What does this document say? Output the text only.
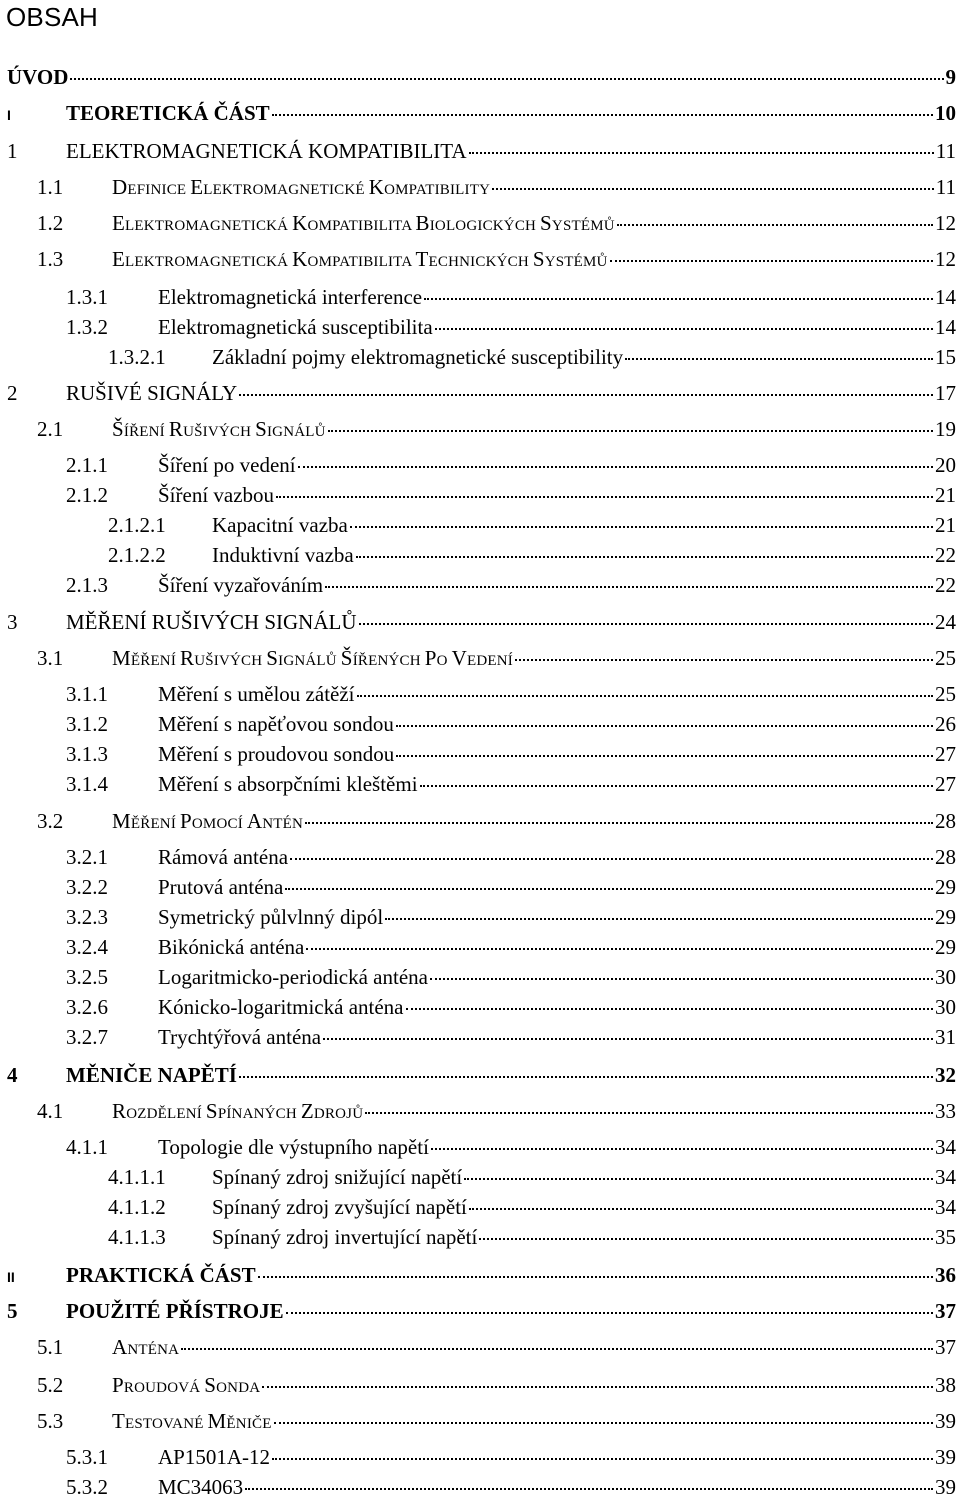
OBSAH
ÚVOD	9
I	TEORETICKÁ ČÁST	10
1 ELEKTROMAGNETICKÁ KOMPATIBILITA	11
1.1 DEFINICE ELEKTROMAGNETICKÉ KOMPATIBILITY	11
1.2 ELEKTROMAGNETICKÁ KOMPATIBILITA BIOLOGICKÝCH SYSTÉMŮ	12
1.3 ELEKTROMAGNETICKÁ KOMPATIBILITA TECHNICKÝCH SYSTÉMŮ	12
1.3.1 Elektromagnetická interference	14
1.3.2 Elektromagnetická susceptibilita	14
1.3.2.1 Základní pojmy elektromagnetické susceptibility	15
2 RUŠIVÉ SIGNÁLY	17
2.1 ŠÍŘENÍ RUŠIVÝCH SIGNÁLŮ	19
2.1.1 Šíření po vedení	20
2.1.2 Šíření vazbou	21
2.1.2.1 Kapacitní vazba	21
2.1.2.2 Induktivní vazba	22
2.1.3 Šíření vyzařováním	22
3 MĚŘENÍ RUŠIVÝCH SIGNÁLŮ	24
3.1 MĚŘENÍ RUŠIVÝCH SIGNÁLŮ ŠÍŘENÝCH PO VEDENÍ	25
3.1.1 Měření s umělou zátěží	25
3.1.2 Měření s napěťovou sondou	26
3.1.3 Měření s proudovou sondou	27
3.1.4 Měření s absorpčními kleštěmi	27
3.2 MĚŘENÍ POMOCÍ ANTÉN	28
3.2.1 Rámová anténa	28
3.2.2 Prutová anténa	29
3.2.3 Symetrický půlvlnný dipól	29
3.2.4 Bikónická anténa	29
3.2.5 Logaritmicko-periodická anténa	30
3.2.6 Kónicko-logaritmická anténa	30
3.2.7 Trychtýřová anténa	31
4 MĚNIČE NAPĚTÍ	32
4.1 ROZDĚLENÍ SPÍNANÝCH ZDROJŮ	33
4.1.1 Topologie dle výstupního napětí	34
4.1.1.1 Spínaný zdroj snižující napětí	34
4.1.1.2 Spínaný zdroj zvyšující napětí	34
4.1.1.3 Spínaný zdroj invertující napětí	35
II PRAKTICKÁ ČÁST	36
5 POUŽITÉ PŘÍSTROJE	37
5.1 ANTÉNA	37
5.2 PROUDOVÁ SONDA	38
5.3 TESTOVANÉ MĚNIČE	39
5.3.1 AP1501A-12	39
5.3.2 MC34063	39
